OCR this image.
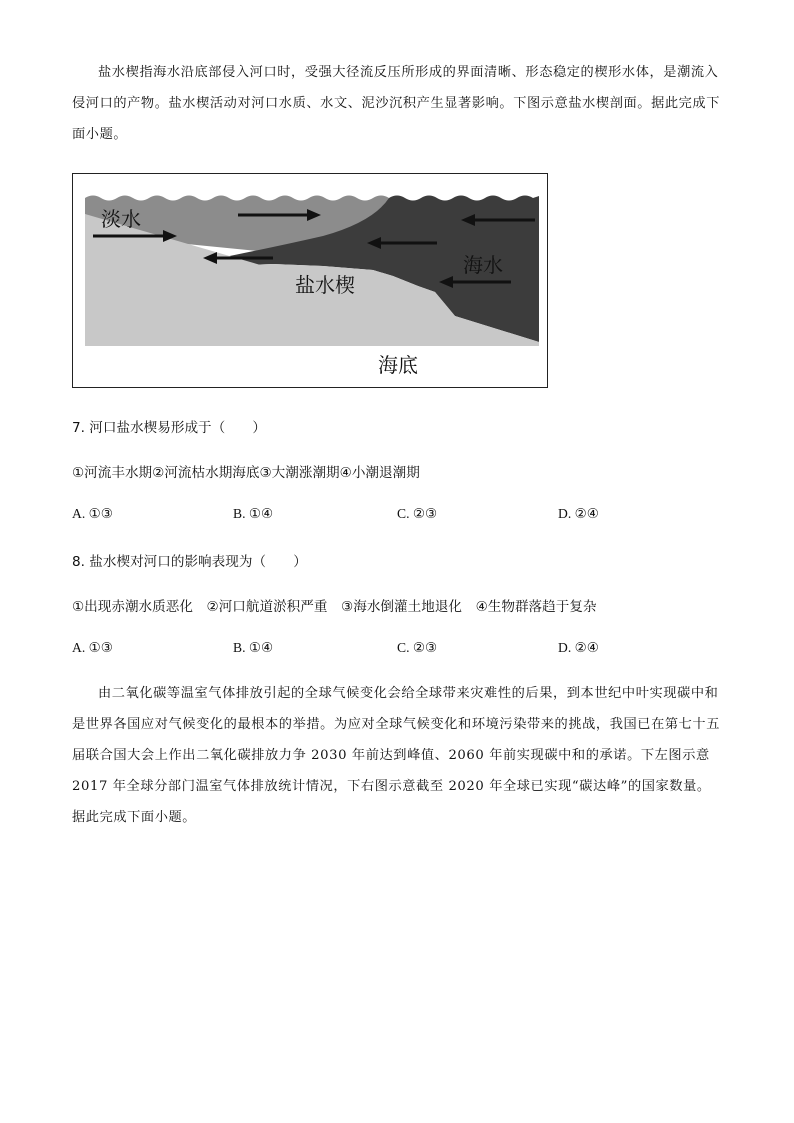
盐水楔指海水沿底部侵入河口时，受强大径流反压所形成的界面清晰、形态稳定的楔形水体，是潮流入侵河口的产物。盐水楔活动对河口水质、水文、泥沙沉积产生显著影响。下图示意盐水楔剖面。据此完成下面小题。

淡水
盐水楔
海水
海底
7. 河口盐水楔易形成于（　　）
①河流丰水期②河流枯水期海底③大潮涨潮期④小潮退潮期
A. ①③	B. ①④	C. ②③	D. ②④
8. 盐水楔对河口的影响表现为（　　）
①出现赤潮水质恶化　②河口航道淤积严重　③海水倒灌土地退化　④生物群落趋于复杂
A. ①③	B. ①④	C. ②③	D. ②④

由二氧化碳等温室气体排放引起的全球气候变化会给全球带来灾难性的后果，到本世纪中叶实现碳中和是世界各国应对气候变化的最根本的举措。为应对全球气候变化和环境污染带来的挑战，我国已在第七十五届联合国大会上作出二氧化碳排放力争 2030 年前达到峰值、2060 年前实现碳中和的承诺。下左图示意 2017 年全球分部门温室气体排放统计情况，下右图示意截至 2020 年全球已实现“碳达峰”的国家数量。据此完成下面小题。
